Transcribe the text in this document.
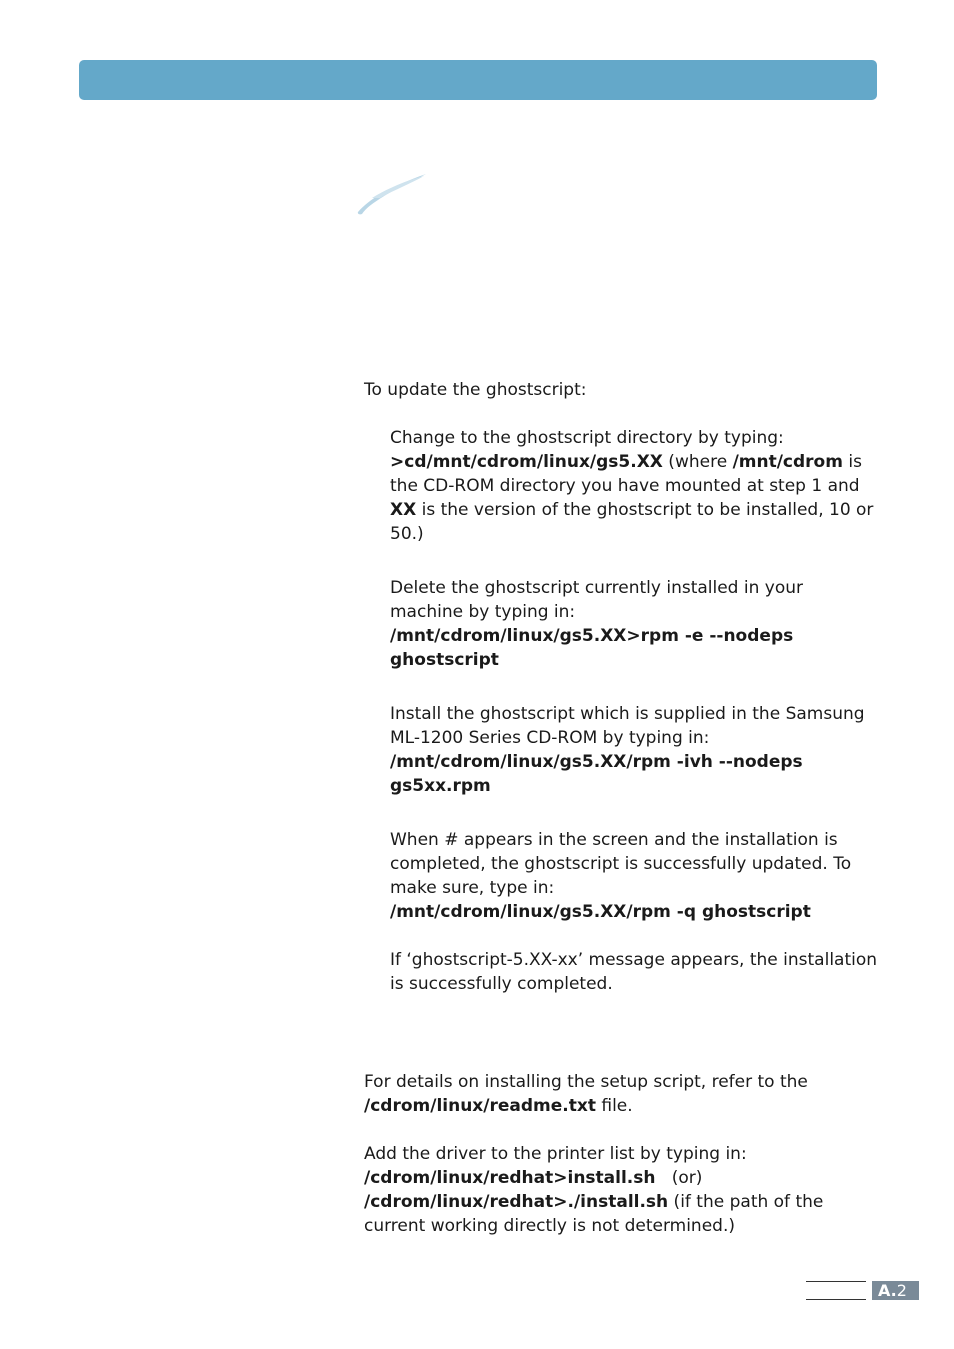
To update the ghostscript:

Change to the ghostscript directory by typing:
>cd/mnt/cdrom/linux/gs5.XX (where /mnt/cdrom is the CD-ROM directory you have mounted at step 1 and XX is the version of the ghostscript to be installed, 10 or 50.)

Delete the ghostscript currently installed in your machine by typing in:
/mnt/cdrom/linux/gs5.XX>rpm -e --nodeps ghostscript

Install the ghostscript which is supplied in the Samsung ML-1200 Series CD-ROM by typing in:
/mnt/cdrom/linux/gs5.XX/rpm -ivh --nodeps gs5xx.rpm

When # appears in the screen and the installation is completed, the ghostscript is successfully updated. To make sure, type in:
/mnt/cdrom/linux/gs5.XX/rpm -q ghostscript

If ‘ghostscript-5.XX-xx’ message appears, the installation is successfully completed.

For details on installing the setup script, refer to the /cdrom/linux/readme.txt file.

Add the driver to the printer list by typing in:
/cdrom/linux/redhat>install.sh   (or)
/cdrom/linux/redhat>./install.sh (if the path of the current working directly is not determined.)

A.2
